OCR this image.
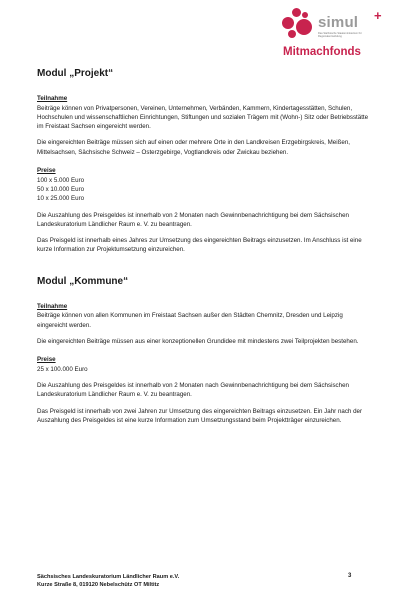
simul +
Das Sächsische Staatsministerium für Regionalentwicklung
Mitmachfonds
Modul „Projekt“
Teilnahme

Beiträge können von Privatpersonen, Vereinen, Unternehmen, Verbänden, Kammern, Kindertagesstätten, Schulen, Hochschulen und wissenschaftlichen Einrichtungen, Stiftungen und sozialen Trägern mit (Wohn-) Sitz oder Betriebsstätte im Freistaat Sachsen eingereicht werden.

Die eingereichten Beiträge müssen sich auf einen oder mehrere Orte in den Landkreisen Erzgebirgskreis, Meißen, Mittelsachsen, Sächsische Schweiz – Osterzgebirge, Vogtlandkreis oder Zwickau beziehen.

Preise
100 x 5.000 Euro
50 x 10.000 Euro
10 x 25.000 Euro

Die Auszahlung des Preisgeldes ist innerhalb von 2 Monaten nach Gewinnbenachrichtigung bei dem Sächsischen Landeskuratorium Ländlicher Raum e. V. zu beantragen.

Das Preisgeld ist innerhalb eines Jahres zur Umsetzung des eingereichten Beitrags einzusetzen. Im Anschluss ist eine kurze Information zur Projektumsetzung einzureichen.

Modul „Kommune“
Teilnahme

Beiträge können von allen Kommunen im Freistaat Sachsen außer den Städten Chemnitz, Dresden und Leipzig eingereicht werden.

Die eingereichten Beiträge müssen aus einer konzeptionellen Grundidee mit mindestens zwei Teilprojekten bestehen.

Preise
25 x 100.000 Euro

Die Auszahlung des Preisgeldes ist innerhalb von 2 Monaten nach Gewinnbenachrichtigung bei dem Sächsischen Landeskuratorium Ländlicher Raum e. V. zu beantragen.

Das Preisgeld ist innerhalb von zwei Jahren zur Umsetzung des eingereichten Beitrags einzusetzen. Ein Jahr nach der Auszahlung des Preisgeldes ist eine kurze Information zum Umsetzungsstand beim Projektträger einzureichen.

Sächsisches Landeskuratorium Ländlicher Raum e.V.
Kurze Straße 8, 019120 Nebelschütz OT Miltitz
3
